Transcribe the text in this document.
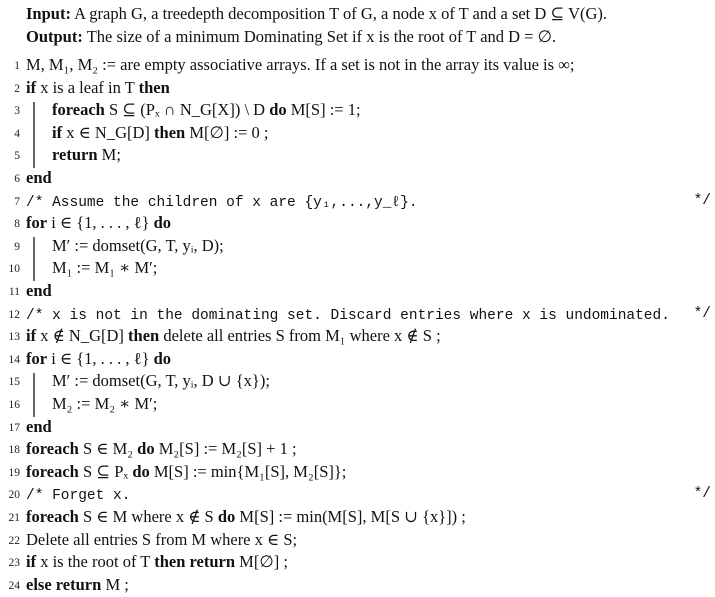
Input: A graph G, a treedepth decomposition T of G, a node x of T and a set D ⊆ V(G).
Output: The size of a minimum Dominating Set if x is the root of T and D = ∅.
1 M, M₁, M₂ := are empty associative arrays. If a set is not in the array its value is ∞;
2 if x is a leaf in T then
3 foreach S ⊆ (Pₓ ∩ N_G[X]) \ D do M[S] := 1;
4 if x ∈ N_G[D] then M[∅] := 0 ;
5 return M;
6 end
7 /* Assume the children of x are {y₁,...,y_ℓ}.	*/
8 for i ∈ {1, . . . , ℓ} do
9 M′ := domset(G, T, yᵢ, D);
10 M₁ := M₁ ∗ M′;
11 end
12 /* x is not in the dominating set. Discard entries where x is undominated. */
13 if x ∉ N_G[D] then delete all entries S from M₁ where x ∉ S ;
14 for i ∈ {1, . . . , ℓ} do
15 M′ := domset(G, T, yᵢ, D ∪ {x});
16 M₂ := M₂ ∗ M′;
17 end
18 foreach S ∈ M₂ do M₂[S] := M₂[S] + 1 ;
19 foreach S ⊆ Pₓ do M[S] := min{M₁[S], M₂[S]};
20 /* Forget x.	*/
21 foreach S ∈ M where x ∉ S do M[S] := min(M[S], M[S ∪ {x}]) ;
22 Delete all entries S from M where x ∈ S;
23 if x is the root of T then return M[∅] ;
24 else return M ;
